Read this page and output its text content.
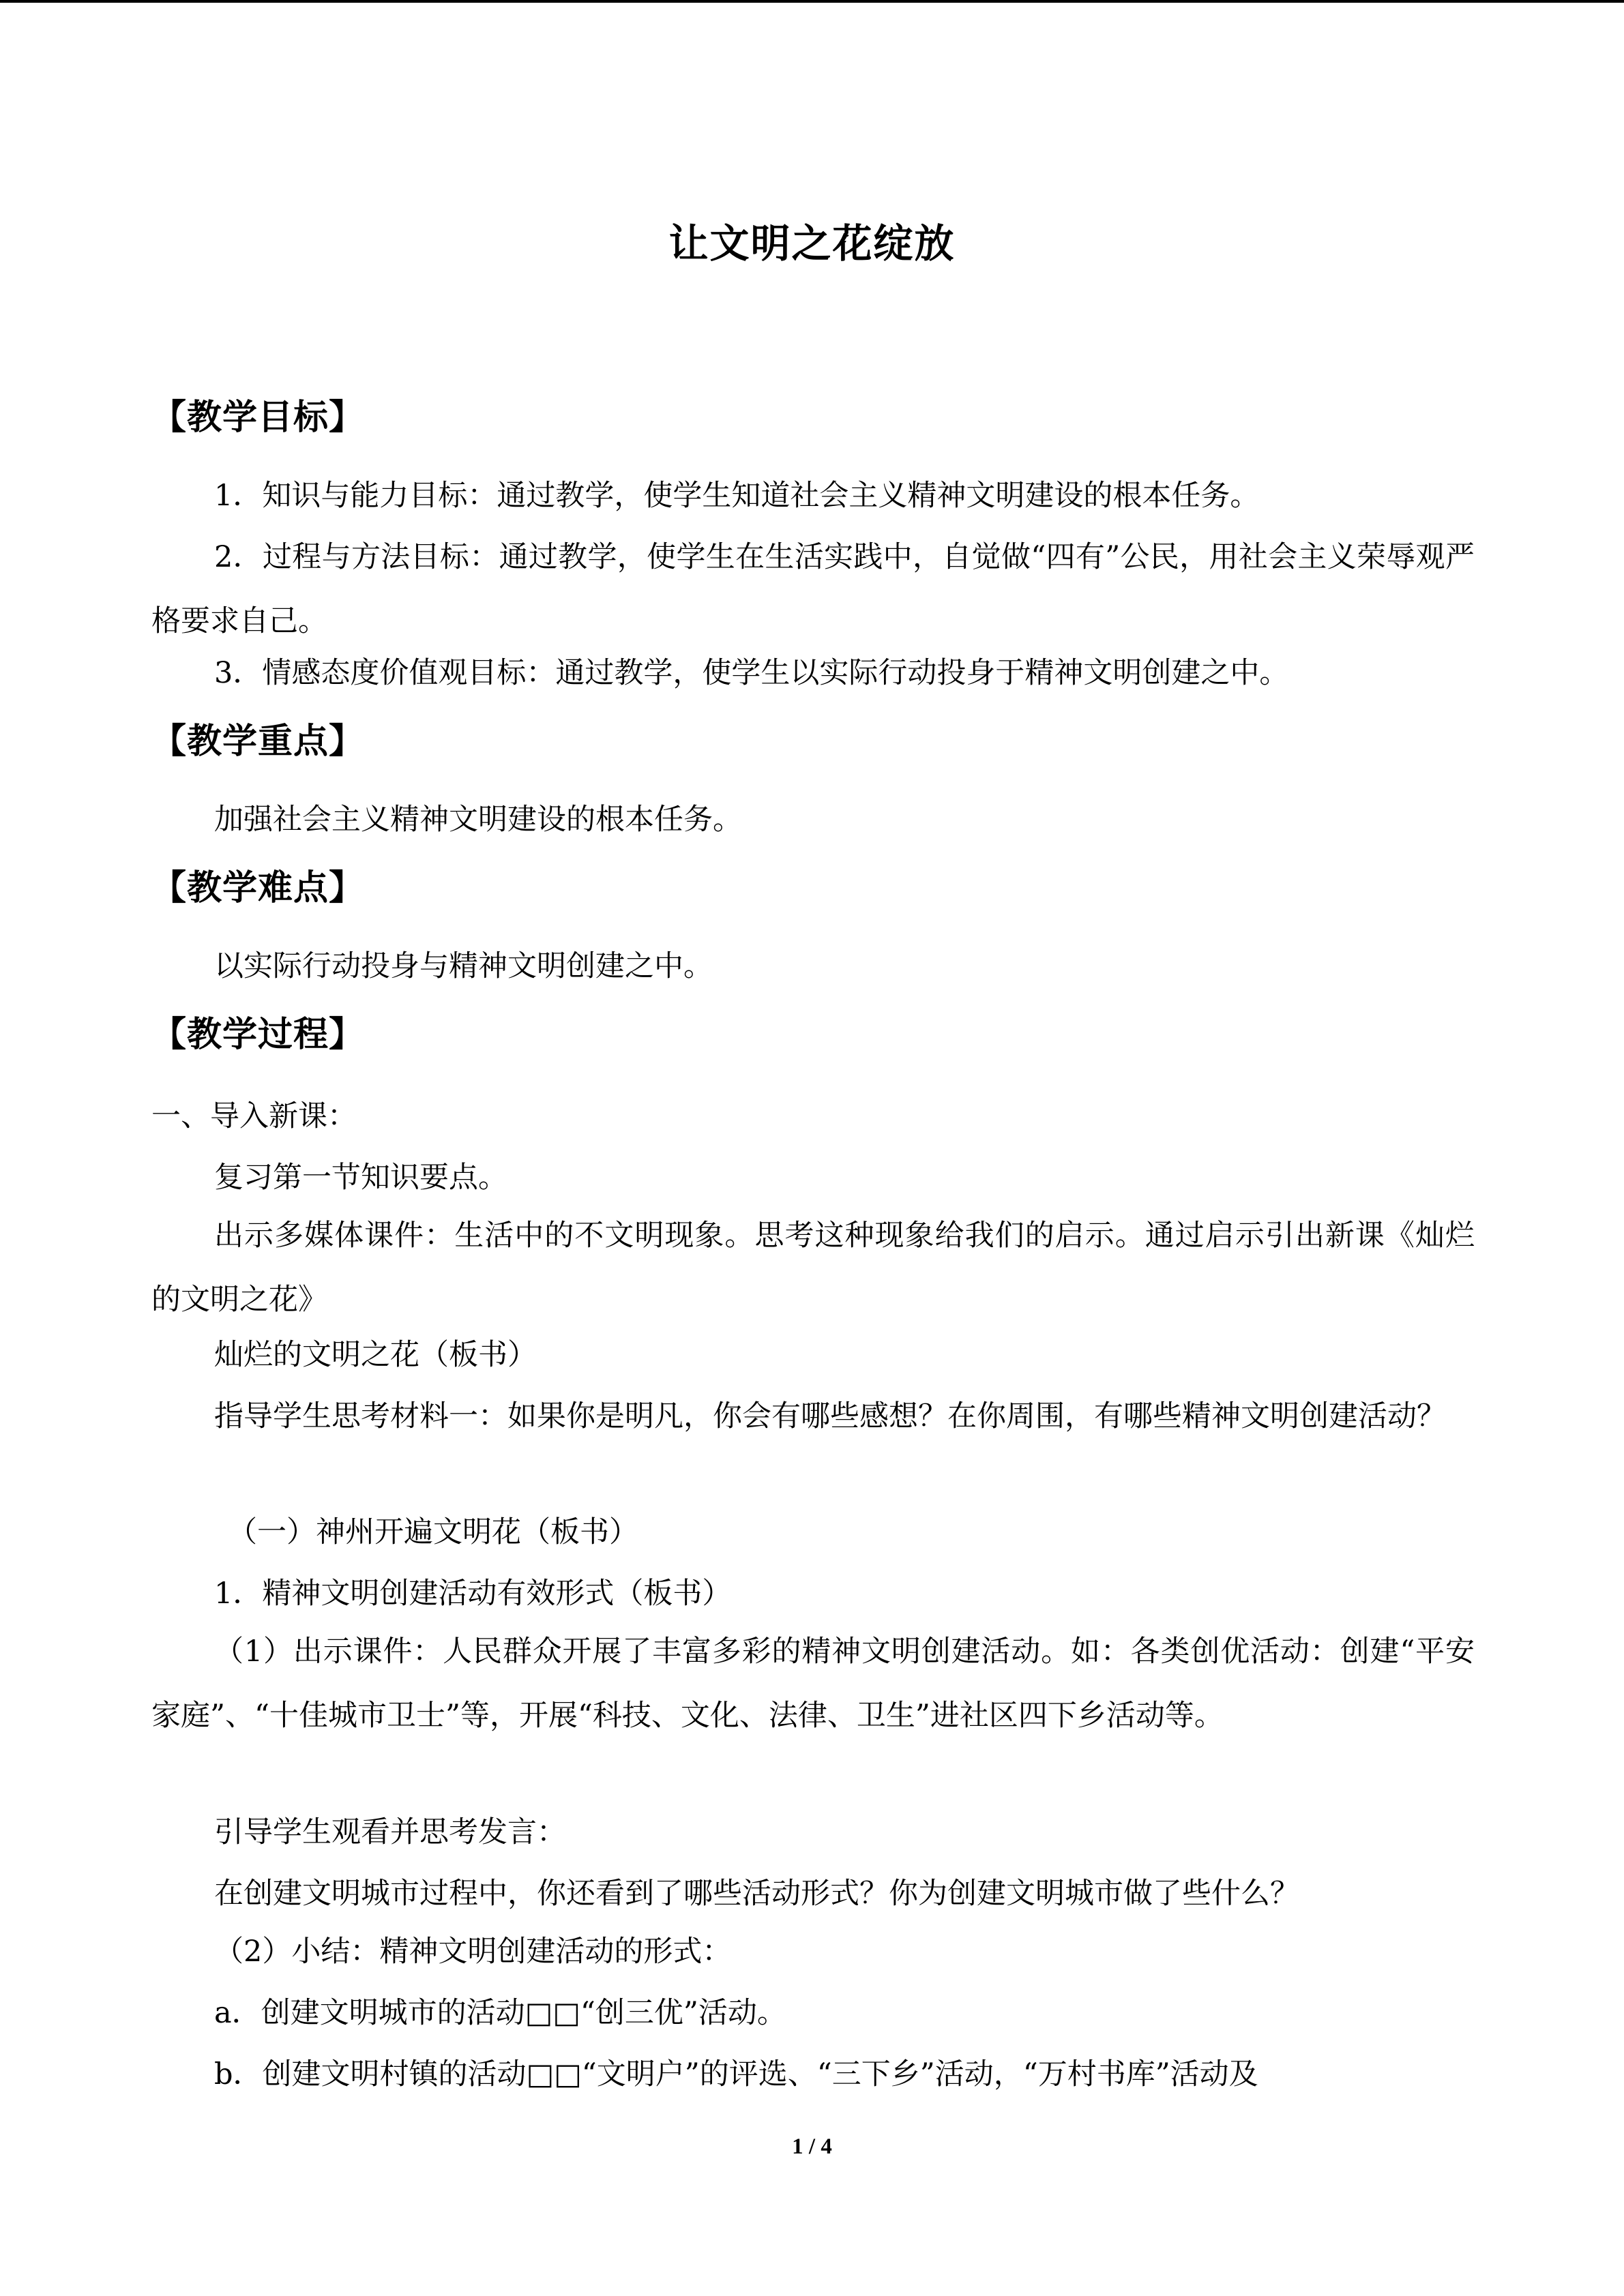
让文明之花绽放
【教学目标】
1．知识与能力目标：通过教学，使学生知道社会主义精神文明建设的根本任务。
2．过程与方法目标：通过教学，使学生在生活实践中，自觉做“四有”公民，用社会主义荣辱观严格要求自己。
3．情感态度价值观目标：通过教学，使学生以实际行动投身于精神文明创建之中。
【教学重点】
加强社会主义精神文明建设的根本任务。
【教学难点】
以实际行动投身与精神文明创建之中。
【教学过程】
一、导入新课：
复习第一节知识要点。
出示多媒体课件：生活中的不文明现象。思考这种现象给我们的启示。通过启示引出新课《灿烂的文明之花》
灿烂的文明之花（板书）
指导学生思考材料一：如果你是明凡，你会有哪些感想？在你周围，有哪些精神文明创建活动？
（一）神州开遍文明花（板书）
1．精神文明创建活动有效形式（板书）
（1）出示课件：人民群众开展了丰富多彩的精神文明创建活动。如：各类创优活动：创建“平安家庭”、“十佳城市卫士”等，开展“科技、文化、法律、卫生”进社区四下乡活动等。
引导学生观看并思考发言：
在创建文明城市过程中，你还看到了哪些活动形式？你为创建文明城市做了些什么？
（2）小结：精神文明创建活动的形式：
a．创建文明城市的活动□□“创三优”活动。
b．创建文明村镇的活动□□“文明户”的评选、“三下乡”活动，“万村书库”活动及
1 / 4
